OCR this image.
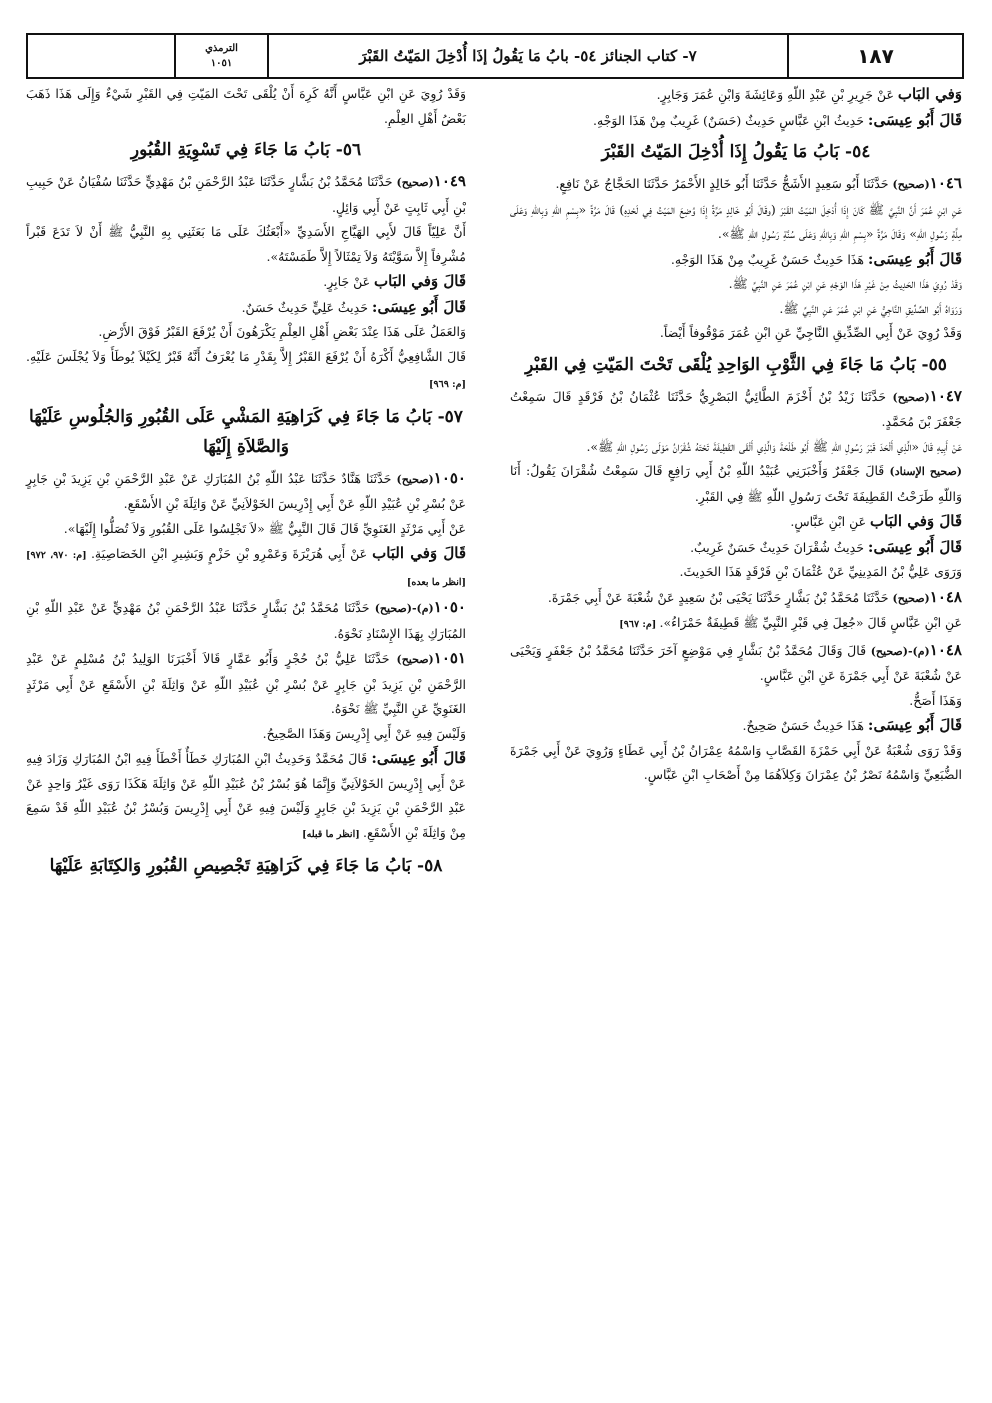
١٨٧
٧- كتاب الجنائز ٥٤- بابُ مَا يَقُولُ إذَا أُدْخِلَ المَيّتُ القَبْرَ
الترمذي
١٠٥١

وَفي البَاب عَنْ جَرِيرِ بْنِ عَبْدِ اللّهِ وَعَائِشَةَ وَابْنِ عُمَرَ وَجَابِرٍ.

قَالَ أَبُو عِيسَى: حَدِيثُ ابْنِ عَبَّاسٍ حَدِيثٌ (حَسَنٌ) غَرِيبٌ مِنْ هَذَا الوَجْهِ.

٥٤- بَابُ مَا يَقُولُ إِذَا أُدْخِلَ المَيّتُ القَبْرَ

١٠٤٦(صحيح) حَدَّثَنَا أَبُو سَعِيدٍ الأَشَجُّ حَدَّثَنَا أَبُو خَالِدٍ الأَحْمَرُ حَدَّثَنَا الحَجَّاجُ عَنْ نَافِعٍ.

عَنِ ابْنِ عُمَرَ أَنَّ النَّبِيَّ ﷺ كَانَ إِذَا أُدْخِلَ المَيّتُ القَبْرَ (وقَالَ أَبُو خَالِدٍ مَرَّةً إِذَا وُضِعَ المَيّتُ فِي لَحْدِهِ) قَالَ مَرَّةً «بِسْمِ اللّهِ وَبِاللّهِ وَعَلَى مِلَّةِ رَسُولِ اللّهِ» وَقَالَ مَرَّةً «بِسْمِ اللّهِ وَبِاللّهِ وَعَلَى سُنَّةِ رَسُولِ اللّهِ ﷺ».

قَالَ أَبُو عِيسَى: هَذَا حَدِيثٌ حَسَنٌ غَرِيبٌ مِنْ هَذَا الوَجْهِ.

وَقَدْ رُوِيَ هَذَا الحَدِيثُ مِنْ غَيْرِ هَذَا الوَجْهِ عَنِ ابْنِ عُمَرَ عَنِ النَّبِيِّ ﷺ.

وَرَوَاهُ أَبُو الصِّدِّيقِ النَّاجِيُّ عَنِ ابْنِ عُمَرَ عَنِ النَّبِيِّ ﷺ.

وَقَدْ رُوِيَ عَنْ أَبِي الصِّدِّيقِ النَّاجِيِّ عَنِ ابْنِ عُمَرَ مَوْقُوفاً أَيْضاً.

٥٥- بَابُ مَا جَاءَ فِي الثَّوْبِ الوَاحِدِ يُلْقَى تَحْتَ المَيّتِ فِي القَبْرِ

١٠٤٧(صحيح) حَدَّثَنَا زَيْدُ بْنُ أَخْزَمَ الطَّائِيُّ البَصْرِيُّ حَدَّثَنَا عُثْمَانُ بْنُ فَرْقَدٍ قَالَ سَمِعْتُ جَعْفَرَ بْنَ مُحَمَّدٍ.

عَنْ أَبِيهِ قَالَ «الَّذِي أَلْحَدَ قَبْرَ رَسُولِ اللّهِ ﷺ أَبُو طَلْحَةَ وَالَّذِي أَلْقَى القَطِيفَةَ تَحْتَهُ شُقْرَانُ مَوْلَى رَسُولِ اللّهِ ﷺ».

(صحيح الإسناد) قَالَ جَعْفَرٌ وَأَخْبَرَنِي عُبَيْدُ اللّهِ بْنُ أَبِي رَافِعٍ قَالَ سَمِعْتُ شُقْرَانَ يَقُولُ: أَنَا وَاللّهِ طَرَحْتُ القَطِيفَةَ تَحْتَ رَسُولِ اللّهِ ﷺ فِي القَبْرِ.

قَالَ وَفي البَاب عَنِ ابْنِ عَبَّاسٍ.

قَالَ أَبُو عِيسَى: حَدِيثُ شُقْرَانَ حَدِيثٌ حَسَنٌ غَرِيبٌ.

وَرَوَى عَلِيُّ بْنُ المَدِينِيِّ عَنْ عُثْمَانَ بْنِ فَرْقَدٍ هَذَا الحَدِيثَ.

١٠٤٨(صحيح) حَدَّثَنَا مُحَمَّدُ بْنُ بَشَّارٍ حَدَّثَنَا يَحْيَى بْنُ سَعِيدٍ عَنْ شُعْبَةَ عَنْ أَبِي جَمْرَةَ.

عَنِ ابْنِ عَبَّاسٍ قَالَ «جُعِلَ فِي قَبْرِ النَّبِيِّ ﷺ قَطِيفَةٌ حَمْرَاءُ». [م: ٩٦٧]

١٠٤٨(م)-(صحيح) قَالَ وَقَالَ مُحَمَّدُ بْنُ بَشَّارٍ فِي مَوْضِعٍ آخَرَ حَدَّثَنَا مُحَمَّدُ بْنُ جَعْفَرٍ وَيَحْيَى عَنْ شُعْبَةَ عَنْ أَبِي جَمْرَةَ عَنِ ابْنِ عَبَّاسٍ.

وَهَذَا أَصَحُّ.

قَالَ أَبُو عِيسَى: هَذَا حَدِيثٌ حَسَنٌ صَحِيحٌ.

وَقَدْ رَوَى شُعْبَةُ عَنْ أَبِي حَمْزَةَ القَصَّابِ وَاسْمُهُ عِمْرَانُ بْنُ أَبِي عَطَاءٍ وَرُوِيَ عَنْ أَبِي جَمْرَةَ الضُّبَعِيِّ وَاسْمُهُ نَصْرُ بْنُ عِمْرَانَ وَكِلاَهُمَا مِنْ أَصْحَابِ ابْنِ عَبَّاسٍ.

وَقَدْ رُوِيَ عَنِ ابْنِ عَبَّاسٍ أَنَّهُ كَرِهَ أَنْ يُلْقَى تَحْتَ المَيّتِ فِي القَبْرِ شَيْءٌ وَإِلَى هَذَا ذَهَبَ بَعْضُ أَهْلِ العِلْمِ.

٥٦- بَابُ مَا جَاءَ فِي تَسْوِيَةِ القُبُورِ

١٠٤٩(صحيح) حَدَّثَنَا مُحَمَّدُ بْنُ بَشَّارٍ حَدَّثَنَا عَبْدُ الرَّحْمَنِ بْنُ مَهْدِيٍّ حَدَّثَنَا سُفْيَانُ عَنْ حَبِيبِ بْنِ أَبِي ثَابِتٍ عَنْ أَبِي وَائِلٍ.

أَنَّ عَلِيّاً قَالَ لأَبِي الهَيَّاجِ الأَسَدِيِّ «أَبْعَثُكَ عَلَى مَا بَعَثَنِي بِهِ النَّبِيُّ ﷺ أَنْ لاَ تَدَعَ قَبْراً مُشْرِفاً إِلاَّ سَوَّيْتَهُ وَلاَ تِمْثَالاً إِلاَّ طَمَسْتَهُ».

قَالَ وَفي البَاب عَنْ جَابِرٍ.

قَالَ أَبُو عِيسَى: حَدِيثُ عَلِيٍّ حَدِيثٌ حَسَنٌ.

وَالعَمَلُ عَلَى هَذَا عِنْدَ بَعْضِ أَهْلِ العِلْمِ يَكْرَهُونَ أَنْ يُرْفَعَ القَبْرُ فَوْقَ الأَرْضِ.

قَالَ الشَّافِعِيُّ أَكْرَهُ أَنْ يُرْفَعَ القَبْرُ إِلاَّ بِقَدْرِ مَا يُعْرَفُ أَنَّهُ قَبْرٌ لِكَيْلاَ يُوطَأَ وَلاَ يُجْلَسَ عَلَيْهِ. [م: ٩٦٩]

٥٧- بَابُ مَا جَاءَ فِي كَرَاهِيَةِ المَشْيِ عَلَى القُبُورِ وَالجُلُوسِ عَلَيْهَا وَالصَّلاَةِ إِلَيْهَا

١٠٥٠(صحيح) حَدَّثَنَا هَنَّادٌ حَدَّثَنَا عَبْدُ اللّهِ بْنُ المُبَارَكِ عَنْ عَبْدِ الرَّحْمَنِ بْنِ يَزِيدَ بْنِ جَابِرٍ عَنْ بُسْرِ بْنِ عُبَيْدِ اللّهِ عَنْ أَبِي إِدْرِيسَ الخَوْلاَنِيِّ عَنْ وَاثِلَةَ بْنِ الأَسْقَعِ.

عَنْ أَبِي مَرْثَدٍ الغَنَوِيِّ قَالَ قَالَ النَّبِيُّ ﷺ «لاَ تَجْلِسُوا عَلَى القُبُورِ وَلاَ تُصَلُّوا إِلَيْهَا».

قَالَ وَفي البَاب عَنْ أَبِي هُرَيْرَةَ وَعَمْرِو بْنِ حَزْمٍ وَبَشِيرِ ابْنِ الخَصَاصِيَةِ. [م: ٩٧٠، ٩٧٢] [انظر ما بعده]

١٠٥٠(م)-(صحيح) حَدَّثَنَا مُحَمَّدُ بْنُ بَشَّارٍ حَدَّثَنَا عَبْدُ الرَّحْمَنِ بْنُ مَهْدِيٍّ عَنْ عَبْدِ اللّهِ بْنِ المُبَارَكِ بِهَذَا الإِسْنَادِ نَحْوَهُ.

١٠٥١(صحيح) حَدَّثَنَا عَلِيُّ بْنُ حُجْرٍ وَأَبُو عَمَّارٍ قَالاَ أَخْبَرَنَا الوَلِيدُ بْنُ مُسْلِمٍ عَنْ عَبْدِ الرَّحْمَنِ بْنِ يَزِيدَ بْنِ جَابِرٍ عَنْ بُسْرِ بْنِ عُبَيْدِ اللّهِ عَنْ وَاثِلَةَ بْنِ الأَسْقَعِ عَنْ أَبِي مَرْثَدٍ الغَنَوِيِّ عَنِ النَّبِيِّ ﷺ نَحْوَهُ.

وَلَيْسَ فِيهِ عَنْ أَبِي إِدْرِيسَ وَهَذَا الصَّحِيحُ.

قَالَ أَبُو عِيسَى: قَالَ مُحَمَّدٌ وَحَدِيثُ ابْنِ المُبَارَكِ خَطَأٌ أَخْطَأَ فِيهِ ابْنُ المُبَارَكِ وَزَادَ فِيهِ عَنْ أَبِي إِدْرِيسَ الخَوْلاَنِيِّ وَإِنَّمَا هُوَ بُسْرُ بْنُ عُبَيْدِ اللّهِ عَنْ وَاثِلَةَ هَكَذَا رَوَى غَيْرُ وَاحِدٍ عَنْ عَبْدِ الرَّحْمَنِ بْنِ يَزِيدَ بْنِ جَابِرٍ وَلَيْسَ فِيهِ عَنْ أَبِي إِدْرِيسَ وَبُسْرُ بْنُ عُبَيْدِ اللّهِ قَدْ سَمِعَ مِنْ وَاثِلَةَ بْنِ الأَسْقَعِ. [انظر ما قبله]

٥٨- بَابُ مَا جَاءَ فِي كَرَاهِيَةِ تَجْصِيصِ القُبُورِ وَالكِتَابَةِ عَلَيْهَا
